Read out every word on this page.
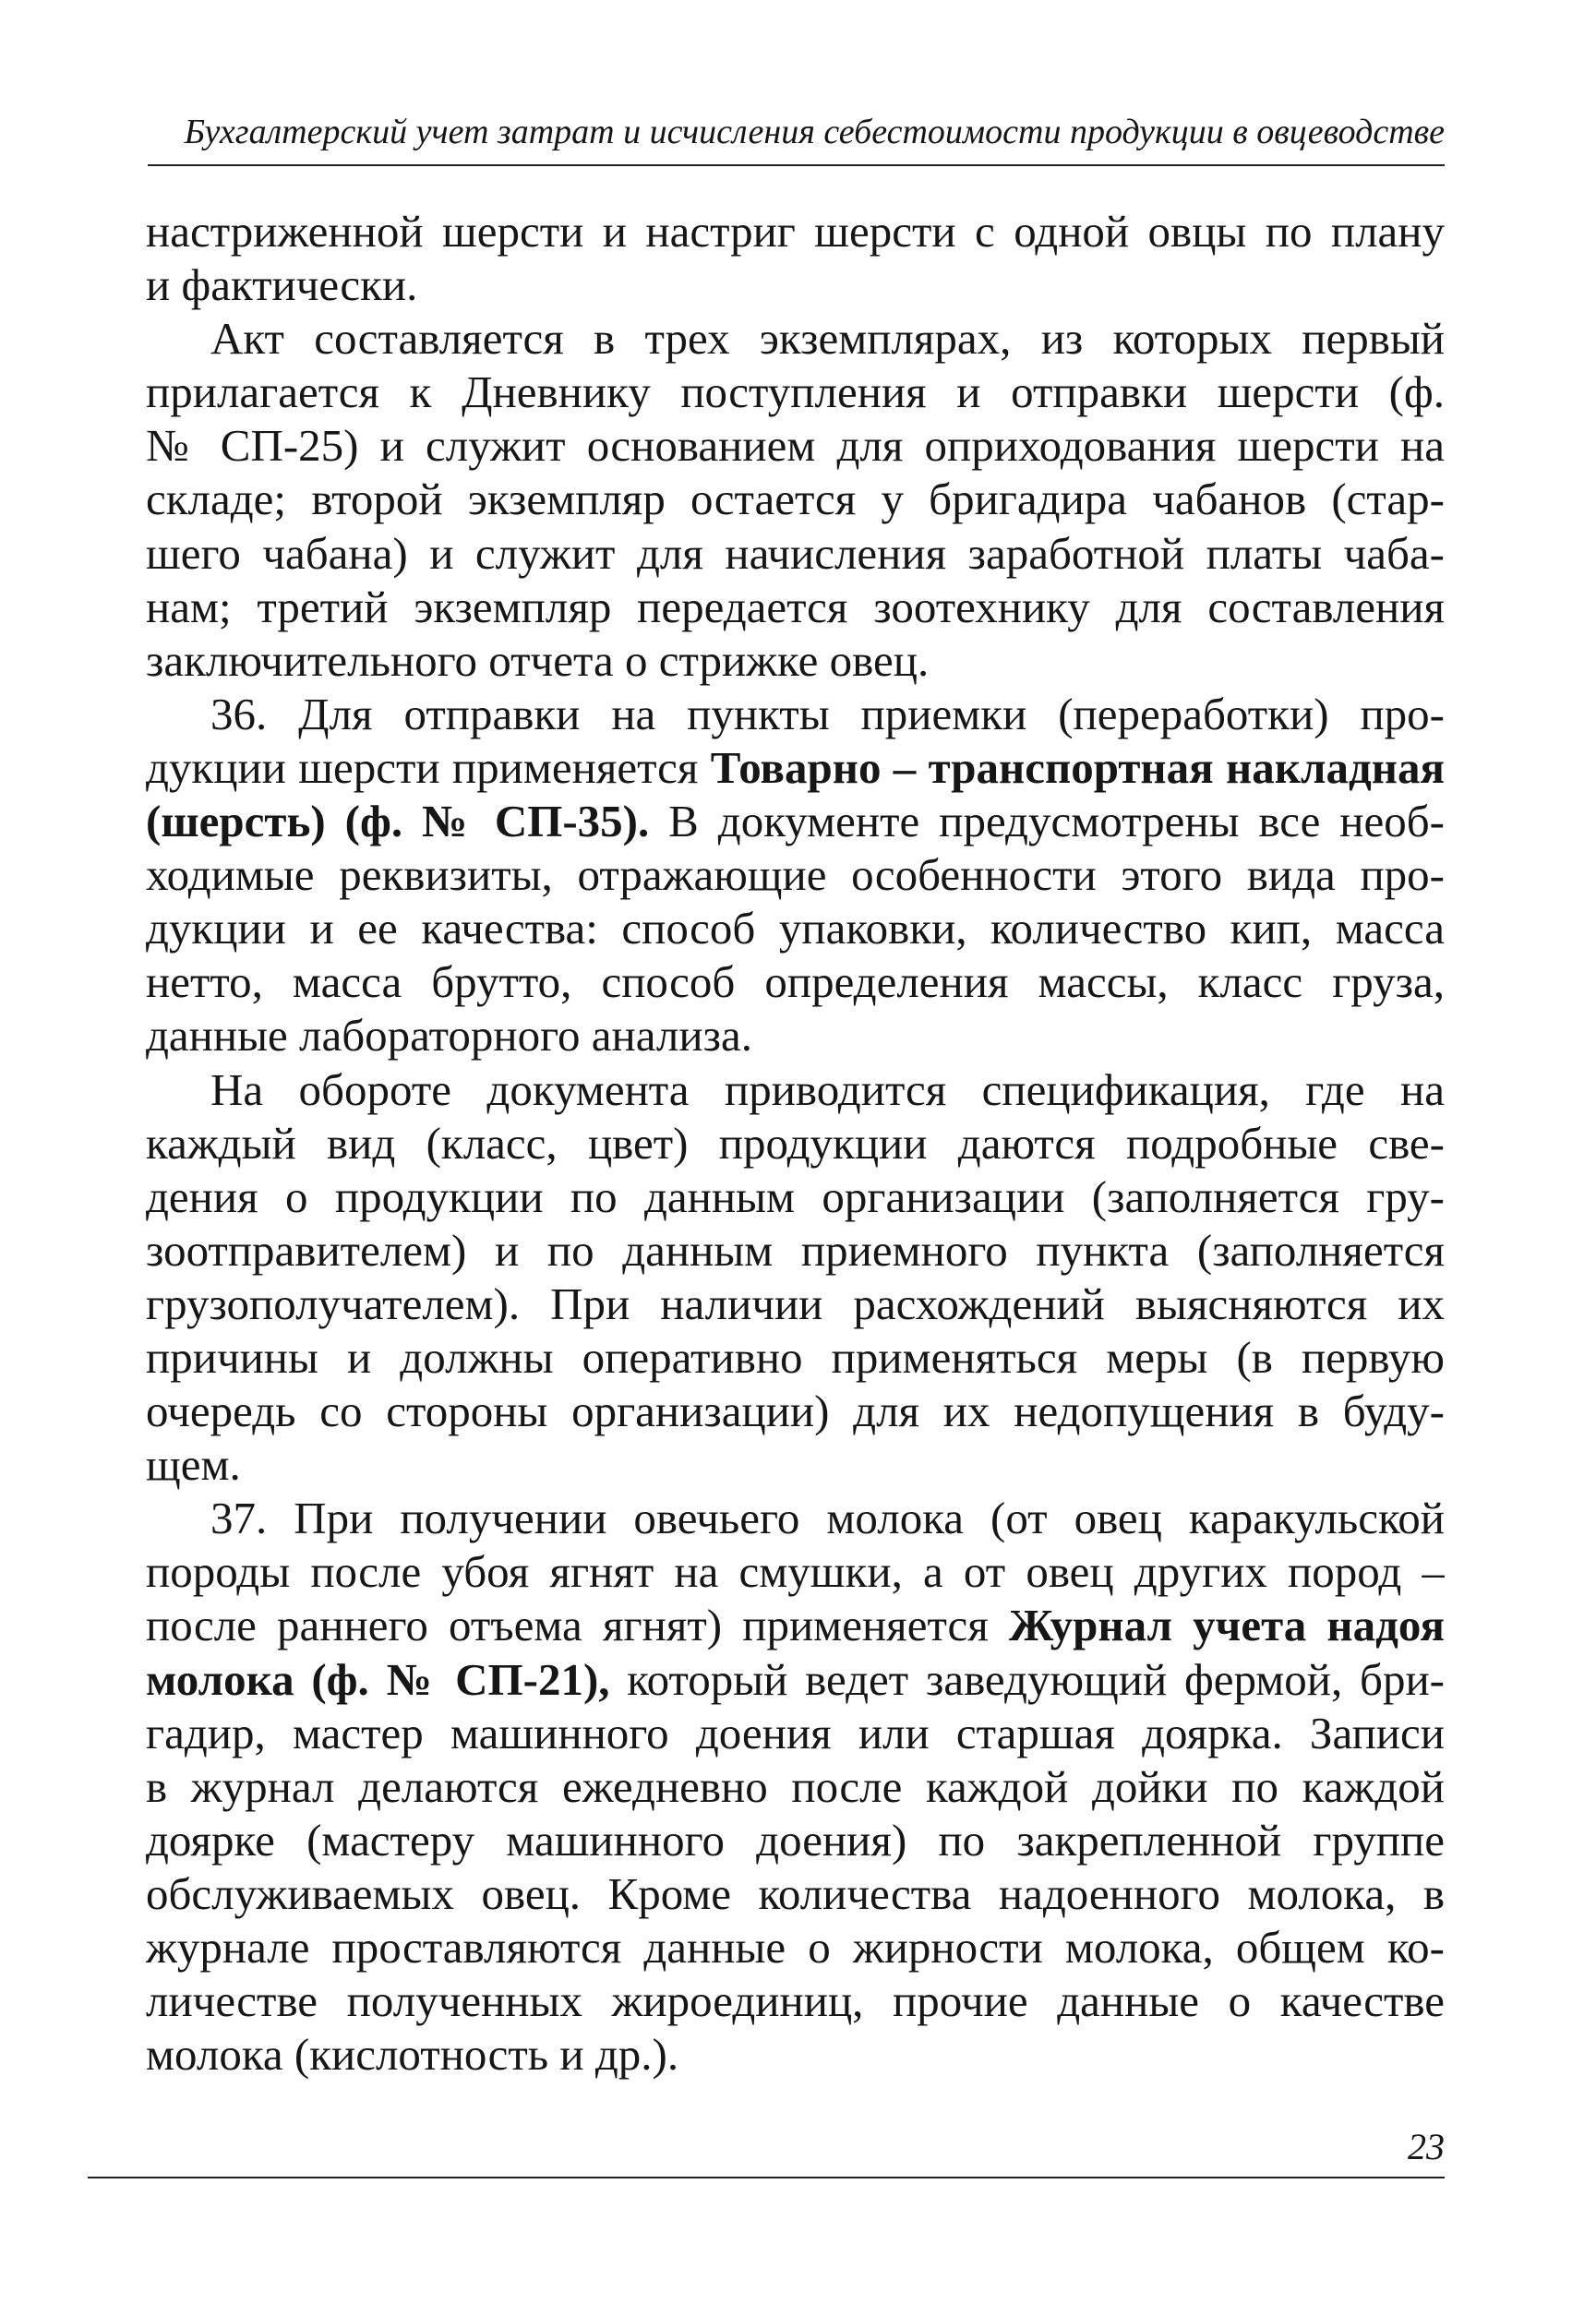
Бухгалтерский учет затрат и исчисления себестоимости продукции в овцеводстве
настриженной шерсти и настриг шерсти с одной овцы по плану
и фактически.
Акт составляется в трех экземплярах, из которых первый
прилагается к Дневнику поступления и отправки шерсти (ф.
№ СП-25) и служит основанием для оприходования шерсти на
складе; второй экземпляр остается у бригадира чабанов (стар-
шего чабана) и служит для начисления заработной платы чаба-
нам; третий экземпляр передается зоотехнику для составления
заключительного отчета о стрижке овец.
36. Для отправки на пункты приемки (переработки) про-
дукции шерсти применяется Товарно – транспортная накладная
(шерсть) (ф. № СП-35). В документе предусмотрены все необ-
ходимые реквизиты, отражающие особенности этого вида про-
дукции и ее качества: способ упаковки, количество кип, масса
нетто, масса брутто, способ определения массы, класс груза,
данные лабораторного анализа.
На обороте документа приводится спецификация, где на
каждый вид (класс, цвет) продукции даются подробные све-
дения о продукции по данным организации (заполняется гру-
зоотправителем) и по данным приемного пункта (заполняется
грузополучателем). При наличии расхождений выясняются их
причины и должны оперативно применяться меры (в первую
очередь со стороны организации) для их недопущения в буду-
щем.
37. При получении овечьего молока (от овец каракульской
породы после убоя ягнят на смушки, а от овец других пород –
после раннего отъема ягнят) применяется Журнал учета надоя
молока (ф. № СП-21), который ведет заведующий фермой, бри-
гадир, мастер машинного доения или старшая доярка. Записи
в журнал делаются ежедневно после каждой дойки по каждой
доярке (мастеру машинного доения) по закрепленной группе
обслуживаемых овец. Кроме количества надоенного молока, в
журнале проставляются данные о жирности молока, общем ко-
личестве полученных жироединиц, прочие данные о качестве
молока (кислотность и др.).
23
